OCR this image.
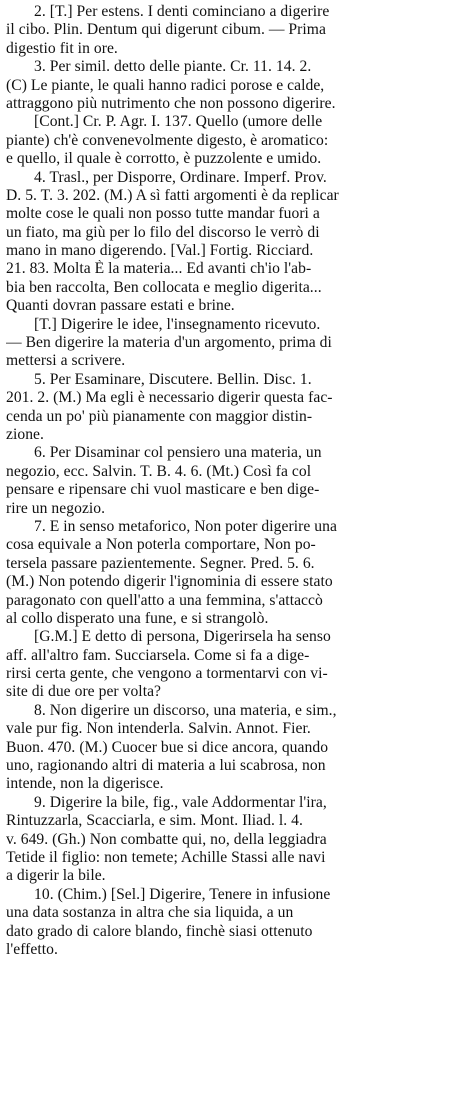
2. [T.] Per estens. I denti cominciano a digerire
il cibo. Plin. Dentum qui digerunt cibum. — Prima
digestio fit in ore.
3. Per simil. detto delle piante. Cr. 11. 14. 2.
(C) Le piante, le quali hanno radici porose e calde,
attraggono più nutrimento che non possono digerire.
[Cont.] Cr. P. Agr. I. 137. Quello (umore delle
piante) ch'è convenevolmente digesto, è aromatico:
e quello, il quale è corrotto, è puzzolente e umido.
4. Trasl., per Disporre, Ordinare. Imperf. Prov.
D. 5. T. 3. 202. (M.) A sì fatti argomenti è da replicar
molte cose le quali non posso tutte mandar fuori a
un fiato, ma giù per lo filo del discorso le verrò di
mano in mano digerendo. [Val.] Fortig. Ricciard.
21. 83. Molta È la materia... Ed avanti ch'io l'ab-
bia ben raccolta, Ben collocata e meglio digerita...
Quanti dovran passare estati e brine.
[T.] Digerire le idee, l'insegnamento ricevuto.
— Ben digerire la materia d'un argomento, prima di
mettersi a scrivere.
5. Per Esaminare, Discutere. Bellin. Disc. 1.
201. 2. (M.) Ma egli è necessario digerir questa fac-
cenda un po' più pianamente con maggior distin-
zione.
6. Per Disaminar col pensiero una materia, un
negozio, ecc. Salvin. T. B. 4. 6. (Mt.) Così fa col
pensare e ripensare chi vuol masticare e ben dige-
rire un negozio.
7. E in senso metaforico, Non poter digerire una
cosa equivale a Non poterla comportare, Non po-
tersela passare pazientemente. Segner. Pred. 5. 6.
(M.) Non potendo digerir l'ignominia di essere stato
paragonato con quell'atto a una femmina, s'attaccò
al collo disperato una fune, e si strangolò.
[G.M.] E detto di persona, Digerirsela ha senso
aff. all'altro fam. Succiarsela. Come si fa a dige-
rirsi certa gente, che vengono a tormentarvi con vi-
site di due ore per volta?
8. Non digerire un discorso, una materia, e sim.,
vale pur fig. Non intenderla. Salvin. Annot. Fier.
Buon. 470. (M.) Cuocer bue si dice ancora, quando
uno, ragionando altri di materia a lui scabrosa, non
intende, non la digerisce.
9. Digerire la bile, fig., vale Addormentar l'ira,
Rintuzzarla, Scacciarla, e sim. Mont. Iliad. l. 4.
v. 649. (Gh.) Non combatte qui, no, della leggiadra
Tetide il figlio: non temete; Achille Stassi alle navi
a digerir la bile.
10. (Chim.) [Sel.] Digerire, Tenere in infusione
una data sostanza in altra che sia liquida, a un
dato grado di calore blando, finchè siasi ottenuto
l'effetto.
